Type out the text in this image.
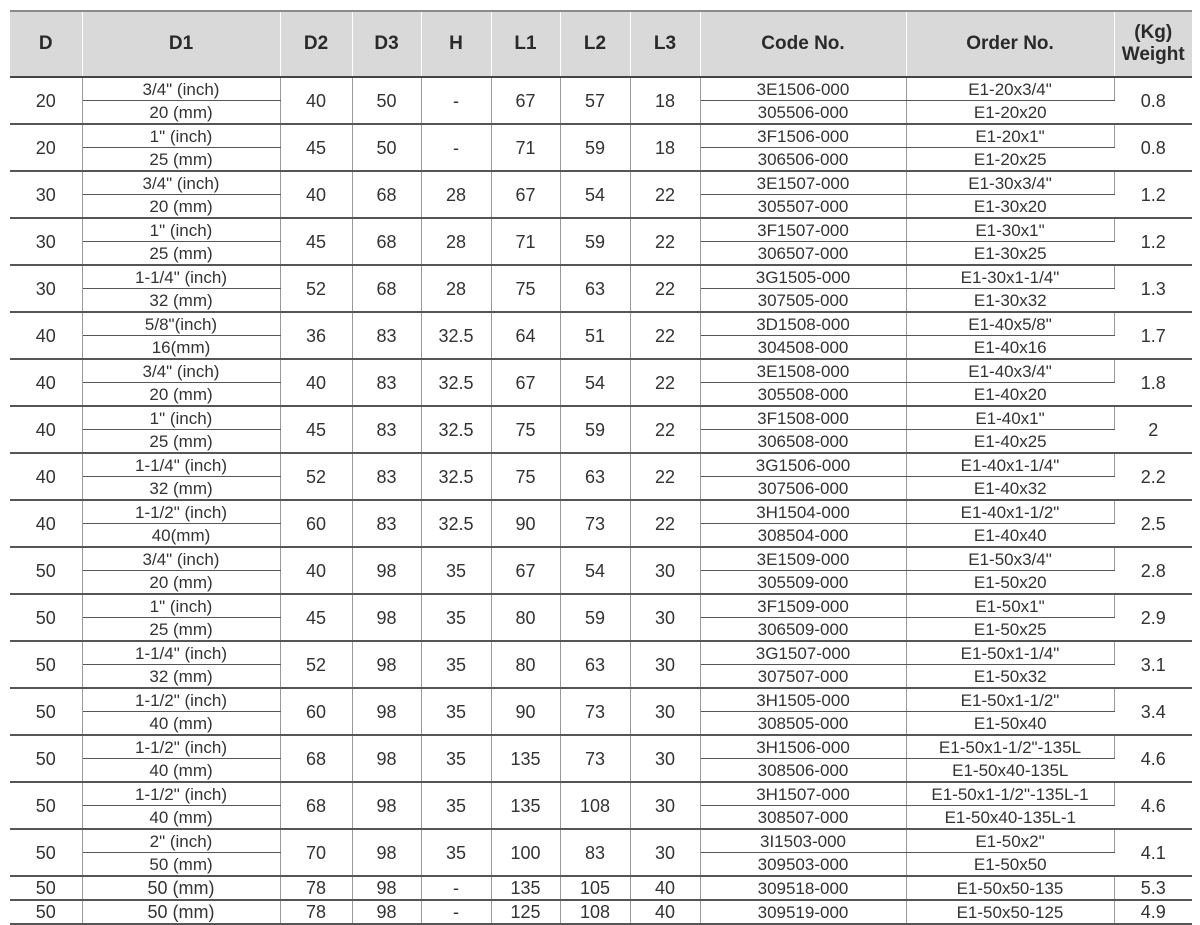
D	D1	D2	D3	H	L1	L2	L3	Code No.	Order No.	(Kg)
Weight
20	3/4" (inch)	40	50	-	67	57	18	3E1506-000	E1-20x3/4"	0.8
	20 (mm)							305506-000	E1-20x20	
20	1" (inch)	45	50	-	71	59	18	3F1506-000	E1-20x1"	0.8
	25 (mm)							306506-000	E1-20x25	
30	3/4" (inch)	40	68	28	67	54	22	3E1507-000	E1-30x3/4"	1.2
	20 (mm)							305507-000	E1-30x20	
30	1" (inch)	45	68	28	71	59	22	3F1507-000	E1-30x1"	1.2
	25 (mm)							306507-000	E1-30x25	
30	1-1/4" (inch)	52	68	28	75	63	22	3G1505-000	E1-30x1-1/4"	1.3
	32 (mm)							307505-000	E1-30x32	
40	5/8"(inch)	36	83	32.5	64	51	22	3D1508-000	E1-40x5/8"	1.7
	16(mm)							304508-000	E1-40x16	
40	3/4" (inch)	40	83	32.5	67	54	22	3E1508-000	E1-40x3/4"	1.8
	20 (mm)							305508-000	E1-40x20	
40	1" (inch)	45	83	32.5	75	59	22	3F1508-000	E1-40x1"	2
	25 (mm)							306508-000	E1-40x25	
40	1-1/4" (inch)	52	83	32.5	75	63	22	3G1506-000	E1-40x1-1/4"	2.2
	32 (mm)							307506-000	E1-40x32	
40	1-1/2" (inch)	60	83	32.5	90	73	22	3H1504-000	E1-40x1-1/2"	2.5
	40(mm)							308504-000	E1-40x40	
50	3/4" (inch)	40	98	35	67	54	30	3E1509-000	E1-50x3/4"	2.8
	20 (mm)							305509-000	E1-50x20	
50	1" (inch)	45	98	35	80	59	30	3F1509-000	E1-50x1"	2.9
	25 (mm)							306509-000	E1-50x25	
50	1-1/4" (inch)	52	98	35	80	63	30	3G1507-000	E1-50x1-1/4"	3.1
	32 (mm)							307507-000	E1-50x32	
50	1-1/2" (inch)	60	98	35	90	73	30	3H1505-000	E1-50x1-1/2"	3.4
	40 (mm)							308505-000	E1-50x40	
50	1-1/2" (inch)	68	98	35	135	73	30	3H1506-000	E1-50x1-1/2"-135L	4.6
	40 (mm)							308506-000	E1-50x40-135L	
50	1-1/2" (inch)	68	98	35	135	108	30	3H1507-000	E1-50x1-1/2"-135L-1	4.6
	40 (mm)							308507-000	E1-50x40-135L-1	
50	2" (inch)	70	98	35	100	83	30	3I1503-000	E1-50x2"	4.1
	50 (mm)							309503-000	E1-50x50	
50	50 (mm)	78	98	-	135	105	40	309518-000	E1-50x50-135	5.3
50	50 (mm)	78	98	-	125	108	40	309519-000	E1-50x50-125	4.9
